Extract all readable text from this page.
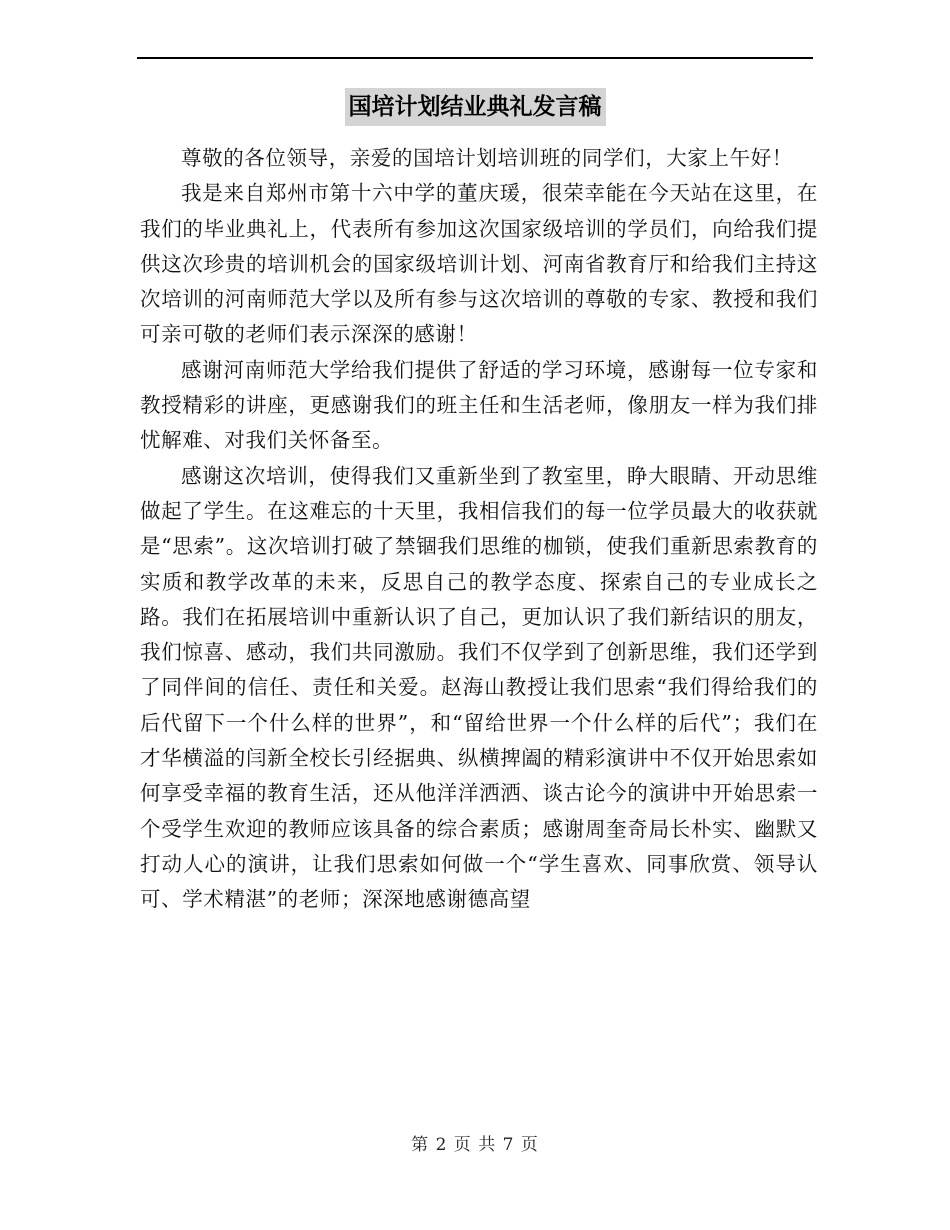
国培计划结业典礼发言稿

尊敬的各位领导，亲爱的国培计划培训班的同学们，大家上午好！

我是来自郑州市第十六中学的董庆瑗，很荣幸能在今天站在这里，在我们的毕业典礼上，代表所有参加这次国家级培训的学员们，向给我们提供这次珍贵的培训机会的国家级培训计划、河南省教育厅和给我们主持这次培训的河南师范大学以及所有参与这次培训的尊敬的专家、教授和我们可亲可敬的老师们表示深深的感谢！

感谢河南师范大学给我们提供了舒适的学习环境，感谢每一位专家和教授精彩的讲座，更感谢我们的班主任和生活老师，像朋友一样为我们排忧解难、对我们关怀备至。

感谢这次培训，使得我们又重新坐到了教室里，睁大眼睛、开动思维做起了学生。在这难忘的十天里，我相信我们的每一位学员最大的收获就是“思索”。这次培训打破了禁锢我们思维的枷锁，使我们重新思索教育的实质和教学改革的未来，反思自己的教学态度、探索自己的专业成长之路。我们在拓展培训中重新认识了自己，更加认识了我们新结识的朋友，我们惊喜、感动，我们共同激励。我们不仅学到了创新思维，我们还学到了同伴间的信任、责任和关爱。赵海山教授让我们思索“我们得给我们的后代留下一个什么样的世界”，和“留给世界一个什么样的后代”；我们在才华横溢的闫新全校长引经据典、纵横捭阖的精彩演讲中不仅开始思索如何享受幸福的教育生活，还从他洋洋洒洒、谈古论今的演讲中开始思索一个受学生欢迎的教师应该具备的综合素质；感谢周奎奇局长朴实、幽默又打动人心的演讲，让我们思索如何做一个“学生喜欢、同事欣赏、领导认可、学术精湛”的老师；深深地感谢德高望

第 2 页 共 7 页
